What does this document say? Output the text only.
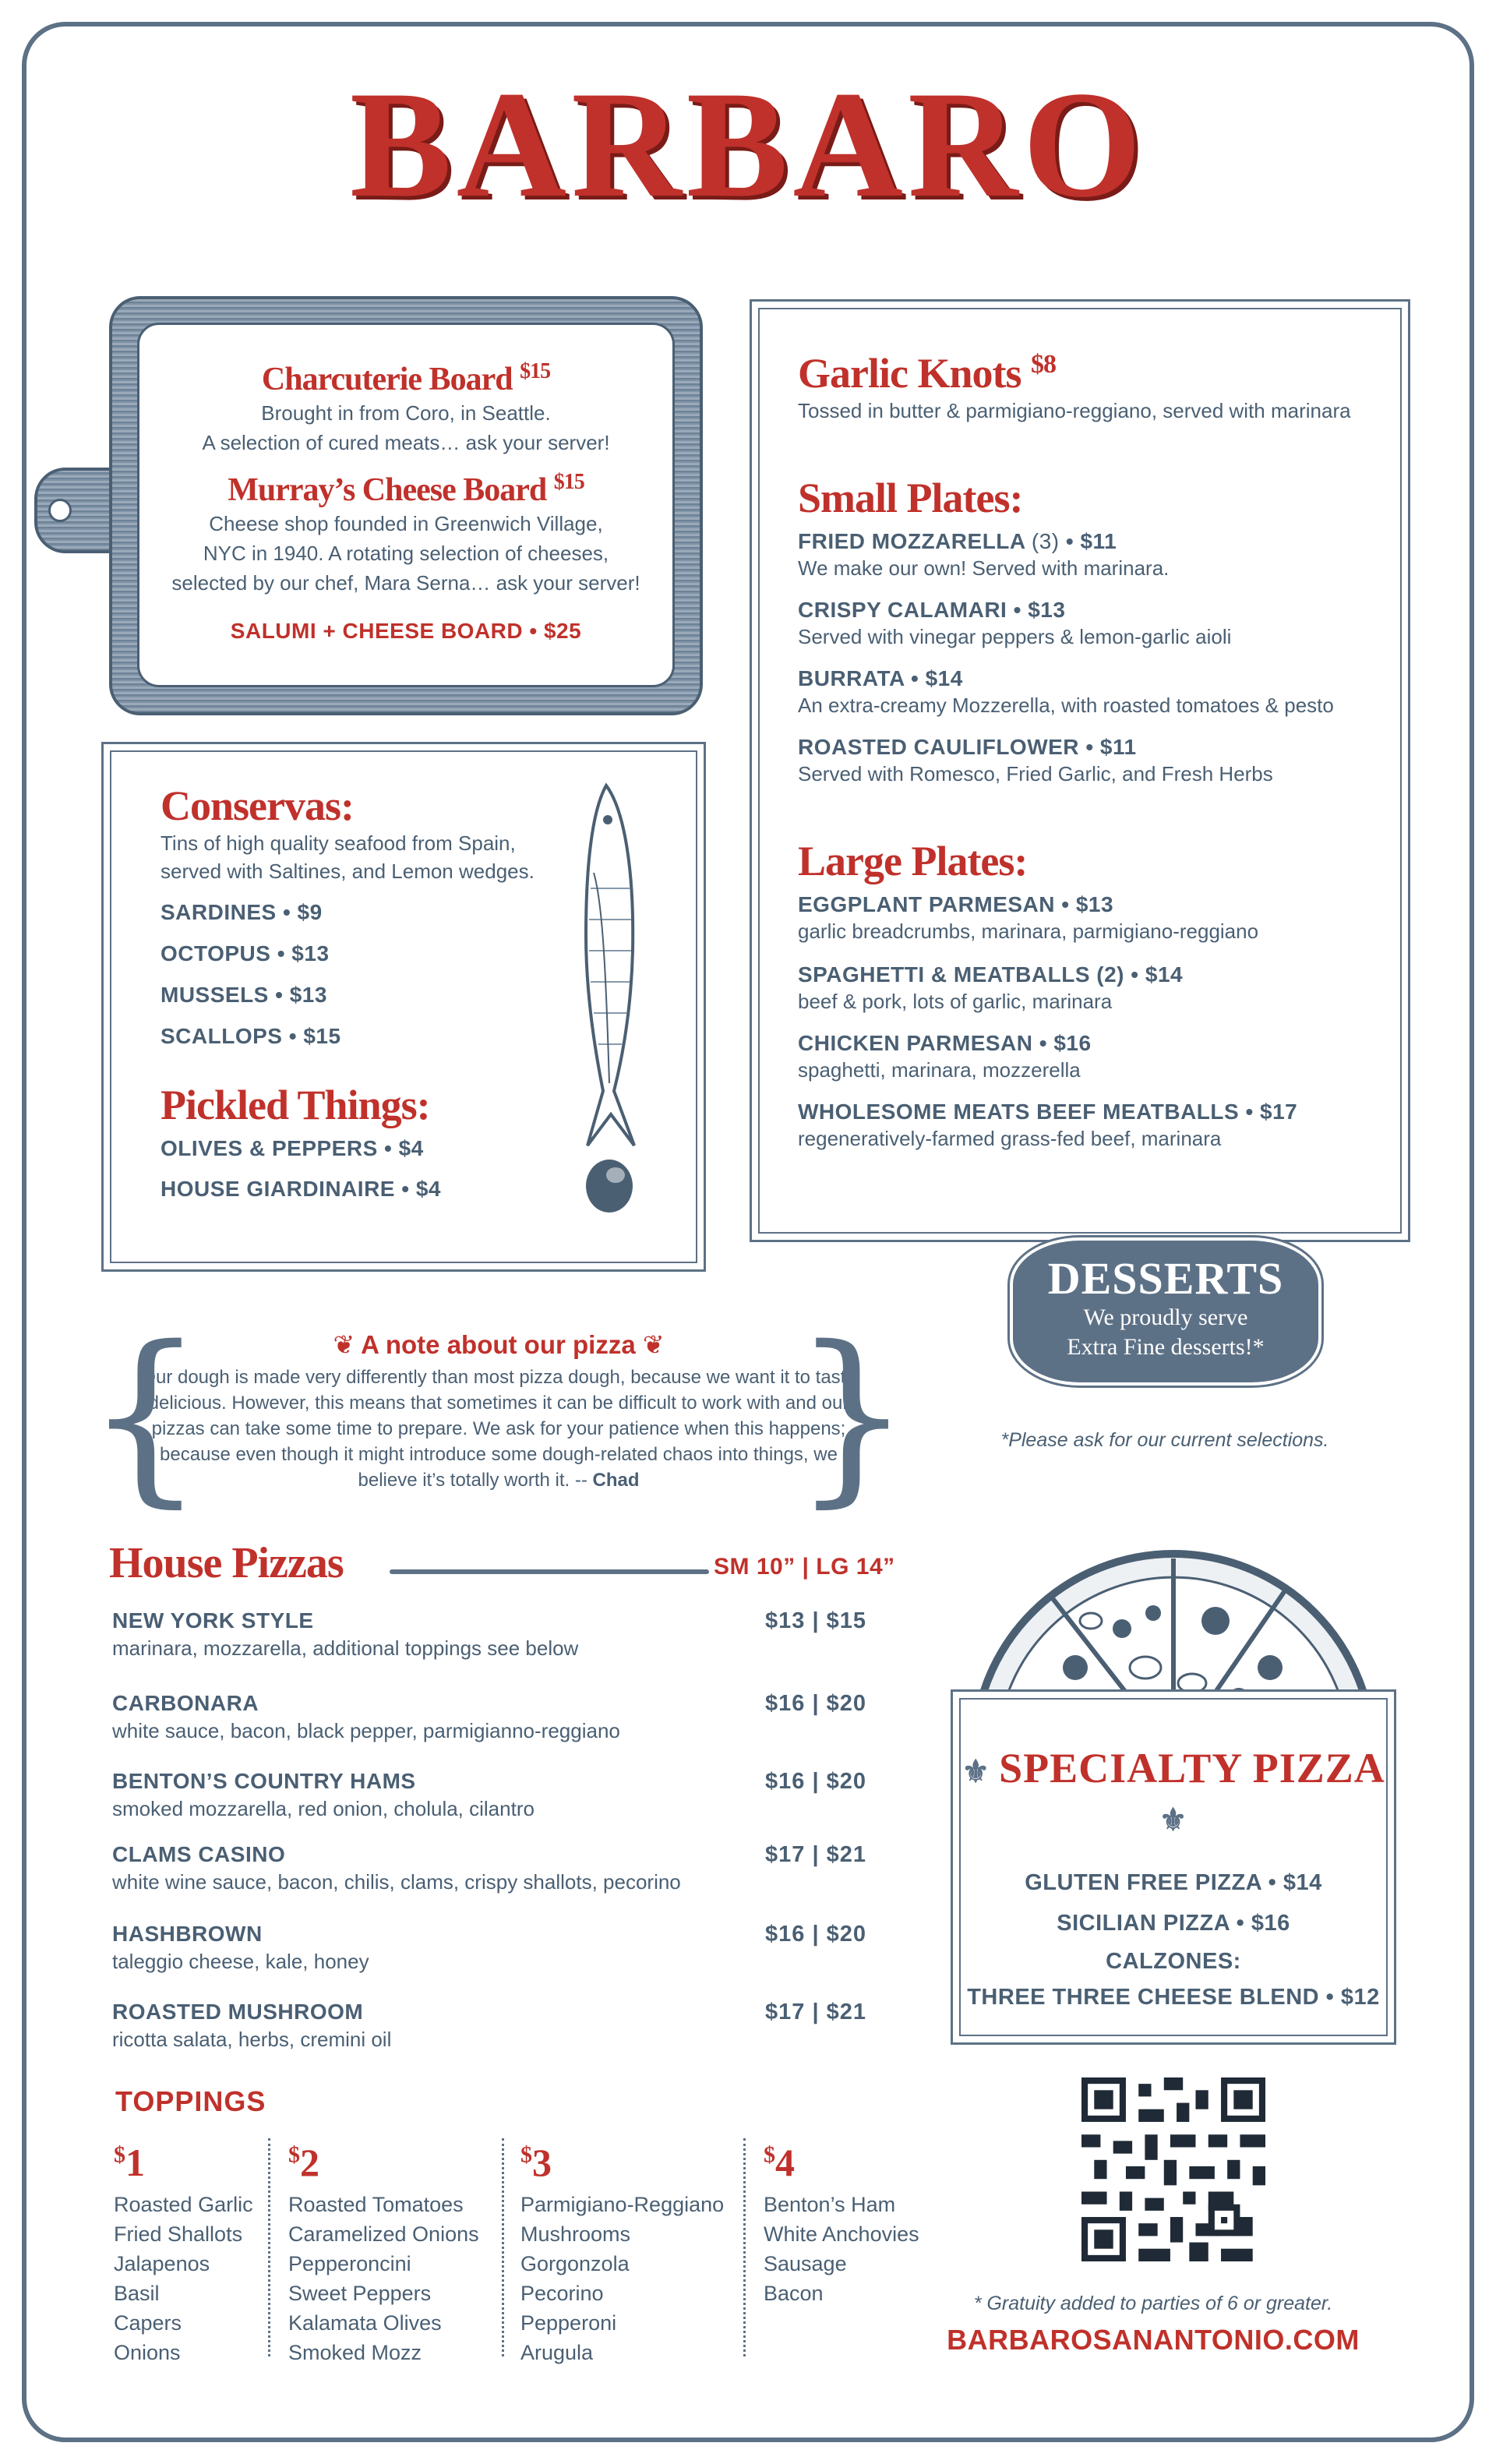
BARBARO
Charcuterie Board $^{\$15}$

Brought in from Coro, in Seattle.

A selection of cured meats… ask your server!

Murray’s Cheese Board $^{\$15}$

Cheese shop founded in Greenwich Village,

NYC in 1940. A rotating selection of cheeses,

selected by our chef, Mara Serna… ask your server!

SALUMI + CHEESE BOARD • $25

Conservas:

Tins of high quality seafood from Spain,

served with Saltines, and Lemon wedges.

SARDINES • $9

OCTOPUS • $13

MUSSELS • $13

SCALLOPS • $15

Pickled Things:

OLIVES & PEPPERS • $4

HOUSE GIARDINAIRE • $4

Garlic Knots $^{\$8}$

Tossed in butter & parmigiano-reggiano, served with marinara

Small Plates:

FRIED MOZZARELLA (3) • $11

We make our own! Served with marinara.

CRISPY CALAMARI • $13

Served with vinegar peppers & lemon-garlic aioli

BURRATA • $14

An extra-creamy Mozzerella, with roasted tomatoes & pesto

ROASTED CAULIFLOWER • $11

Served with Romesco, Fried Garlic, and Fresh Herbs

Large Plates:

EGGPLANT PARMESAN • $13

garlic breadcrumbs, marinara, parmigiano-reggiano

SPAGHETTI & MEATBALLS (2) • $14

beef & pork, lots of garlic, marinara

CHICKEN PARMESAN • $16

spaghetti, marinara, mozzerella

WHOLESOME MEATS BEEF MEATBALLS • $17

regeneratively-farmed grass-fed beef, marinara

DESSERTS

We proudly serve

Extra Fine desserts!*

*Please ask for our current selections.
{	}
❦ A note about our pizza ❦

Our dough is made very differently than most pizza dough, because we want it to taste delicious. However, this means that sometimes it can be difficult to work with and our pizzas can take some time to prepare. We ask for your patience when this happens; because even though it might introduce some dough-related chaos into things, we believe it’s totally worth it. -- Chad

House Pizzas	SM 10” | LG 14”

NEW YORK STYLE

marinara, mozzarella, additional toppings see below

$13 | $15

CARBONARA

white sauce, bacon, black pepper, parmigianno-reggiano

$16 | $20

BENTON’S COUNTRY HAMS

smoked mozzarella, red onion, cholula, cilantro

$16 | $20

CLAMS CASINO

white wine sauce, bacon, chilis, clams, crispy shallots, pecorino

$17 | $21

HASHBROWN

taleggio cheese, kale, honey

$16 | $20

ROASTED MUSHROOM

ricotta salata, herbs, cremini oil

$17 | $21

TOPPINGS
$1
Roasted Garlic
Fried Shallots
Jalapenos
Basil
Capers
Onions
$2
Roasted Tomatoes
Caramelized Onions
Pepperoncini
Sweet Peppers
Kalamata Olives
Smoked Mozz
$3
Parmigiano-Reggiano
Mushrooms
Gorgonzola
Pecorino
Pepperoni
Arugula
$4
Benton’s Ham
White Anchovies
Sausage
Bacon
⚜ SPECIALTY PIZZA ⚜

GLUTEN FREE PIZZA • $14

SICILIAN PIZZA • $16

CALZONES:

THREE THREE CHEESE BLEND • $12

* Gratuity added to parties of 6 or greater.
BARBAROSANANTONIO.COM
